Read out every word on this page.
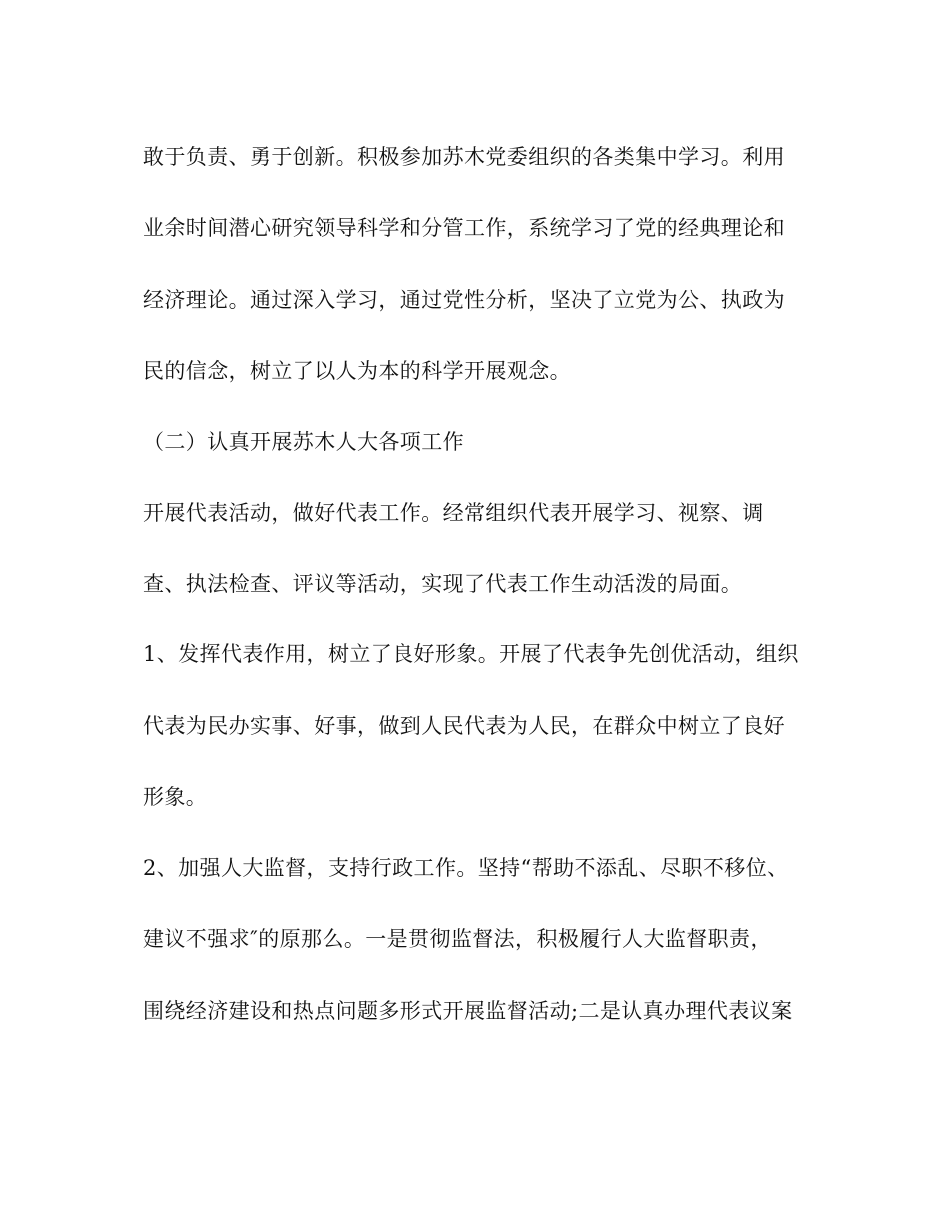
敢于负责、勇于创新。积极参加苏木党委组织的各类集中学习。利用
业余时间潜心研究领导科学和分管工作，系统学习了党的经典理论和
经济理论。通过深入学习，通过党性分析，坚决了立党为公、执政为
民的信念，树立了以人为本的科学开展观念。
（二）认真开展苏木人大各项工作
开展代表活动，做好代表工作。经常组织代表开展学习、视察、调
查、执法检查、评议等活动，实现了代表工作生动活泼的局面。
1、发挥代表作用，树立了良好形象。开展了代表争先创优活动，组织
代表为民办实事、好事，做到人民代表为人民，在群众中树立了良好
形象。
2、加强人大监督，支持行政工作。坚持“帮助不添乱、尽职不移位、
建议不强求″的原那么。一是贯彻监督法，积极履行人大监督职责，
围绕经济建设和热点问题多形式开展监督活动;二是认真办理代表议案
